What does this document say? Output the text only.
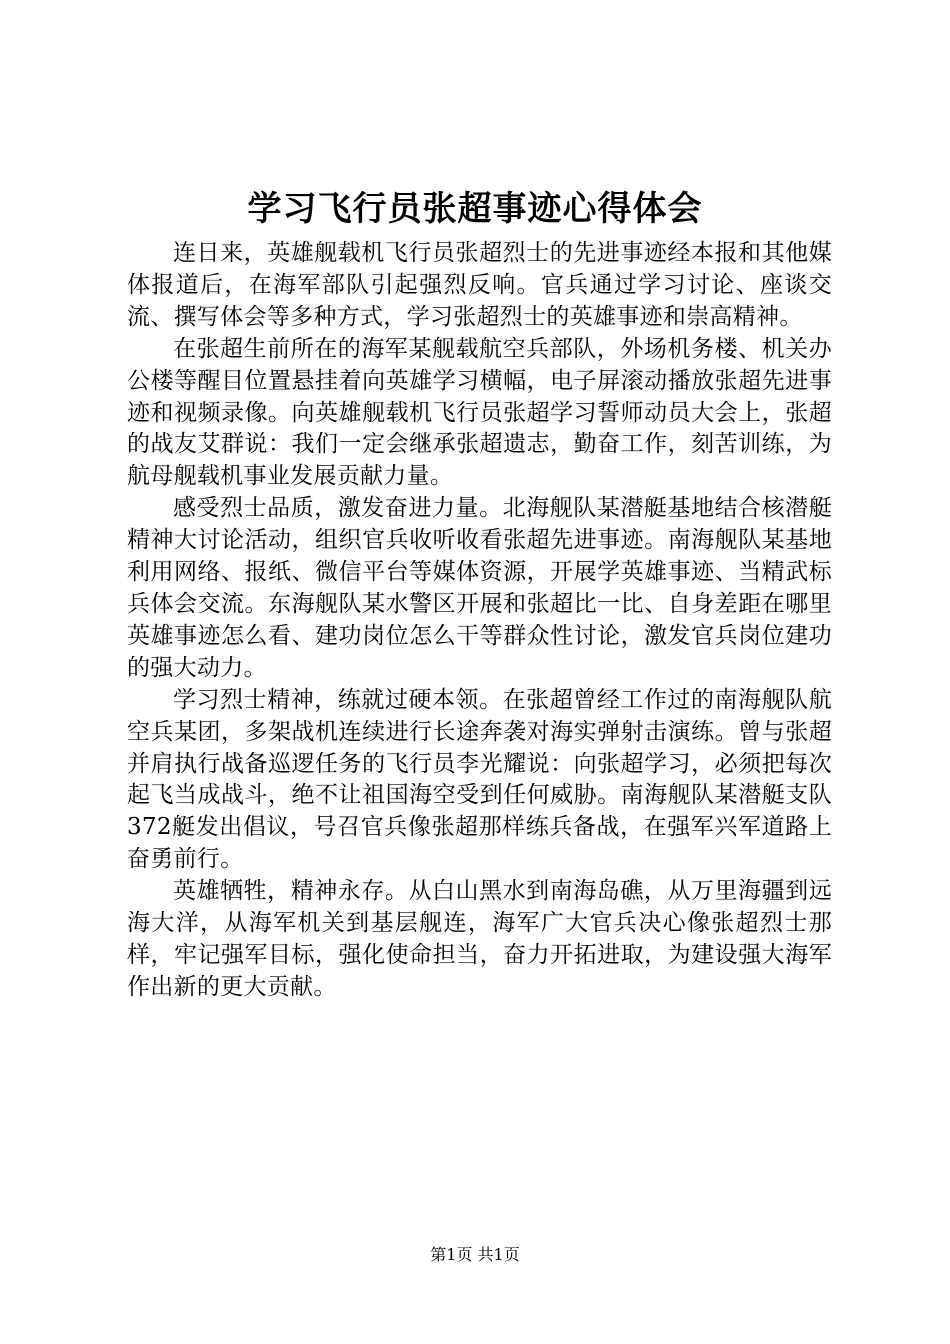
学习飞行员张超事迹心得体会

连日来，英雄舰载机飞行员张超烈士的先进事迹经本报和其他媒体报道后，在海军部队引起强烈反响。官兵通过学习讨论、座谈交流、撰写体会等多种方式，学习张超烈士的英雄事迹和崇高精神。

在张超生前所在的海军某舰载航空兵部队，外场机务楼、机关办公楼等醒目位置悬挂着向英雄学习横幅，电子屏滚动播放张超先进事迹和视频录像。向英雄舰载机飞行员张超学习誓师动员大会上，张超的战友艾群说：我们一定会继承张超遗志，勤奋工作，刻苦训练，为航母舰载机事业发展贡献力量。

感受烈士品质，激发奋进力量。北海舰队某潜艇基地结合核潜艇精神大讨论活动，组织官兵收听收看张超先进事迹。南海舰队某基地利用网络、报纸、微信平台等媒体资源，开展学英雄事迹、当精武标兵体会交流。东海舰队某水警区开展和张超比一比、自身差距在哪里英雄事迹怎么看、建功岗位怎么干等群众性讨论，激发官兵岗位建功的强大动力。

学习烈士精神，练就过硬本领。在张超曾经工作过的南海舰队航空兵某团，多架战机连续进行长途奔袭对海实弹射击演练。曾与张超并肩执行战备巡逻任务的飞行员李光耀说：向张超学习，必须把每次起飞当成战斗，绝不让祖国海空受到任何威胁。南海舰队某潜艇支队372艇发出倡议，号召官兵像张超那样练兵备战，在强军兴军道路上奋勇前行。

英雄牺牲，精神永存。从白山黑水到南海岛礁，从万里海疆到远海大洋，从海军机关到基层舰连，海军广大官兵决心像张超烈士那样，牢记强军目标，强化使命担当，奋力开拓进取，为建设强大海军作出新的更大贡献。

第1页 共1页
